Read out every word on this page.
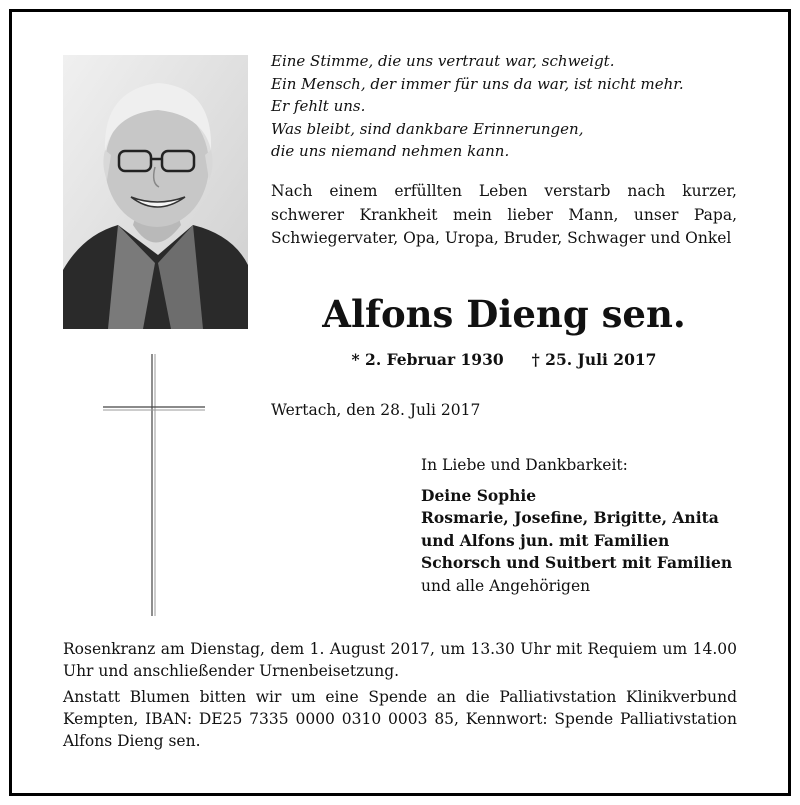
Eine Stimme, die uns vertraut war, schweigt.
Ein Mensch, der immer für uns da war, ist nicht mehr.
Er fehlt uns.
Was bleibt, sind dankbare Erinnerungen,
die uns niemand nehmen kann.
Nach einem erfüllten Leben verstarb nach kurzer, schwerer Krankheit mein lieber Mann, unser Papa, Schwiegervater, Opa, Uropa, Bruder, Schwager und Onkel
Alfons Dieng sen.
* 2. Februar 1930 † 25. Juli 2017
Wertach, den 28. Juli 2017
In Liebe und Dankbarkeit:
Deine Sophie
Rosmarie, Josefine, Brigitte, Anita
und Alfons jun. mit Familien
Schorsch und Suitbert mit Familien
und alle Angehörigen
Rosenkranz am Dienstag, dem 1. August 2017, um 13.30 Uhr mit Requiem um 14.00 Uhr und anschließender Urnenbeisetzung.
Anstatt Blumen bitten wir um eine Spende an die Palliativstation Klinikverbund Kempten, IBAN: DE25 7335 0000 0310 0003 85, Kennwort: Spende Palliativstation Alfons Dieng sen.
